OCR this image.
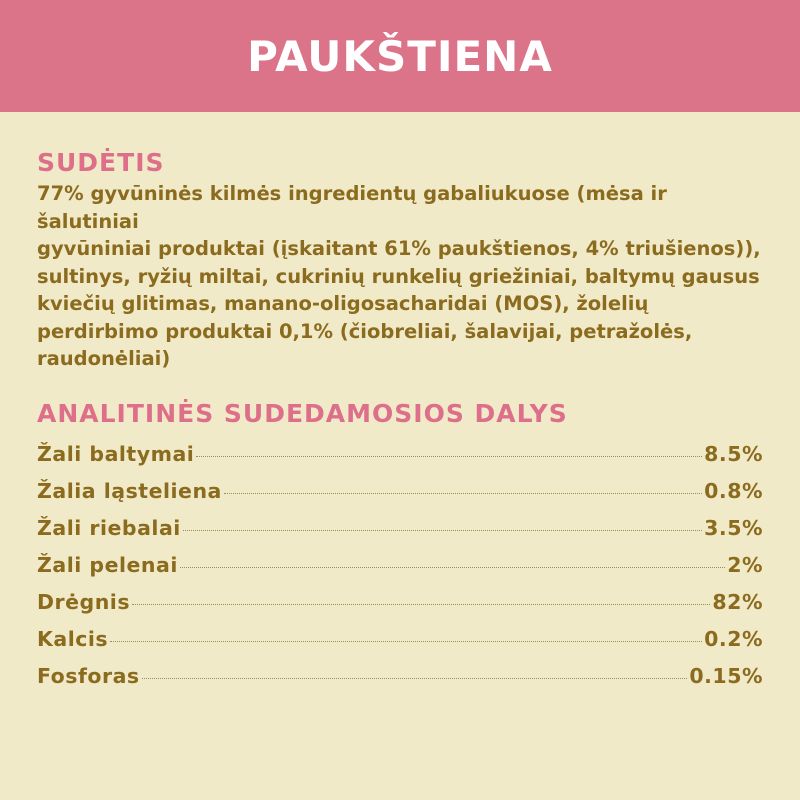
PAUKŠTIENA
SUDĖTIS
77% gyvūninės kilmės ingredientų gabaliukuose (mėsa ir šalutiniai
gyvūniniai produktai (įskaitant 61% paukštienos, 4% triušienos)),
sultinys, ryžių miltai, cukrinių runkelių griežiniai, baltymų gausus
kviečių glitimas, manano-oligosacharidai (MOS), žolelių
perdirbimo produktai 0,1% (čiobreliai, šalavijai, petražolės,
raudonėliai)
ANALITINĖS SUDEDAMOSIOS DALYS
Žali baltymai	8.5%
Žalia ląsteliena	0.8%
Žali riebalai	3.5%
Žali pelenai	2%
Drėgnis	82%
Kalcis	0.2%
Fosforas	0.15%
